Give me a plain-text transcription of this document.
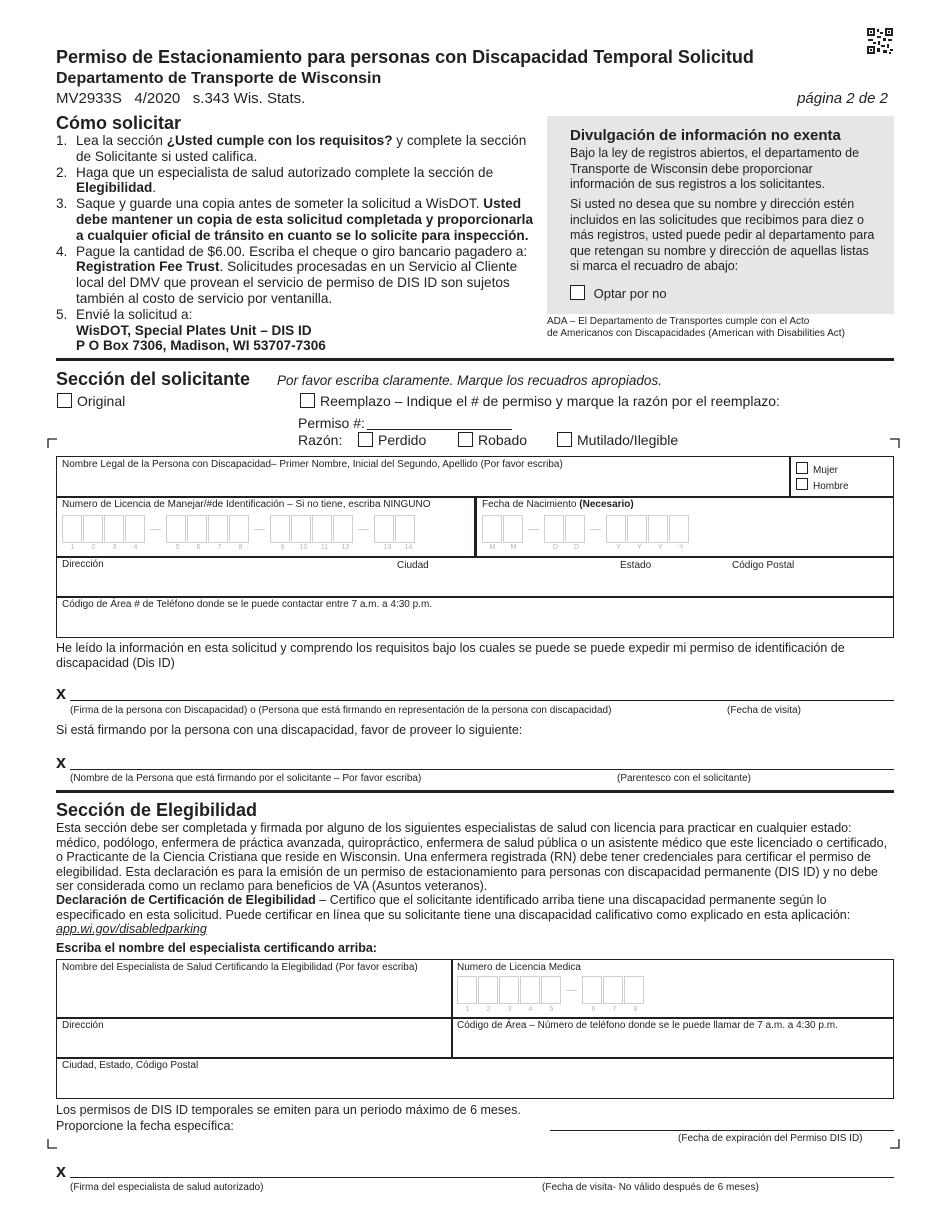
Permiso de Estacionamiento para personas con Discapacidad Temporal Solicitud
Departamento de Transporte de Wisconsin
MV2933S 4/2020 s.343 Wis. Stats.	página 2 de 2
Cómo solicitar
1. Lea la sección ¿Usted cumple con los requisitos? y complete la sección de Solicitante si usted califica.
2. Haga que un especialista de salud autorizado complete la sección de Elegibilidad.
3. Saque y guarde una copia antes de someter la solicitud a WisDOT. Usted debe mantener un copia de esta solicitud completada y proporcionarla a cualquier oficial de tránsito en cuanto se lo solicite para inspección.
4. Pague la cantidad de $6.00. Escriba el cheque o giro bancario pagadero a: Registration Fee Trust. Solicitudes procesadas en un Servicio al Cliente local del DMV que provean el servicio de permiso de DIS ID son sujetos también al costo de servicio por ventanilla.
5. Envié la solicitud a:
WisDOT, Special Plates Unit – DIS ID
P O Box 7306, Madison, WI 53707-7306
Divulgación de información no exenta
Bajo la ley de registros abiertos, el departamento de Transporte de Wisconsin debe proporcionar información de sus registros a los solicitantes.
Si usted no desea que su nombre y dirección estén incluidos en las solicitudes que recibimos para diez o más registros, usted puede pedir al departamento para que retengan su nombre y dirección de aquellas listas si marca el recuadro de abajo:
Optar por no
ADA – El Departamento de Transportes cumple con el Acto
de Americanos con Discapacidades (American with Disabilities Act)
Sección del solicitante Por favor escriba claramente. Marque los recuadros apropiados.
Original	Reemplazo – Indique el # de permiso y marque la razón por el reemplazo:
Permiso #:
Razón:	Perdido	Robado	Mutilado/Ilegible
Nombre Legal de la Persona con Discapacidad– Primer Nombre, Inicial del Segundo, Apellido (Por favor escriba)
Mujer
Hombre
Numero de Licencia de Manejar/#de Identificación – Si no tiene, escriba NINGUNO
1	2	3	4	5	6	7	8	9	10	11	12	13	14
Fecha de Nacimiento (Necesario)
M	M	D	D	Y	Y	Y	Y
Dirección	Ciudad	Estado	Código Postal
Código de Área # de Teléfono donde se le puede contactar entre 7 a.m. a 4:30 p.m.
He leído la información en esta solicitud y comprendo los requisitos bajo los cuales se puede se puede expedir mi permiso de identificación de discapacidad (Dis ID)
x
(Firma de la persona con Discapacidad) o (Persona que está firmando en representación de la persona con discapacidad)	(Fecha de visita)
Si está firmando por la persona con una discapacidad, favor de proveer lo siguiente:
x
(Nombre de la Persona que está firmando por el solicitante – Por favor escriba)	(Parentesco con el solicitante)
Sección de Elegibilidad
Esta sección debe ser completada y firmada por alguno de los siguientes especialistas de salud con licencia para practicar en cualquier estado: médico, podólogo, enfermera de práctica avanzada, quiropráctico, enfermera de salud pública o un asistente médico que este licenciado o certificado, o Practicante de la Ciencia Cristiana que reside en Wisconsin. Una enfermera registrada (RN) debe tener credenciales para certificar el permiso de elegibilidad. Esta declaración es para la emisión de un permiso de estacionamiento para personas con discapacidad permanente (DIS ID) y no debe ser considerada como un reclamo para beneficios de VA (Asuntos veteranos).
Declaración de Certificación de Elegibilidad – Certifico que el solicitante identificado arriba tiene una discapacidad permanente según lo especificado en esta solicitud. Puede certificar en línea que su solicitante tiene una discapacidad calificativo como explicado en esta aplicación: app.wi.gov/disabledparking
Escriba el nombre del especialista certificando arriba:
Nombre del Especialista de Salud Certificando la Elegibilidad (Por favor escriba)	Numero de Licencia Medica
1	2	3	4	5	6	7	8
Dirección	Código de Área – Número de teléfono donde se le puede llamar de 7 a.m. a 4:30 p.m.
Ciudad, Estado, Código Postal
Los permisos de DIS ID temporales se emiten para un periodo máximo de 6 meses.
Proporcione la fecha específica:
(Fecha de expiración del Permiso DIS ID)
x
(Firma del especialista de salud autorizado)	(Fecha de visita- No válido después de 6 meses)
